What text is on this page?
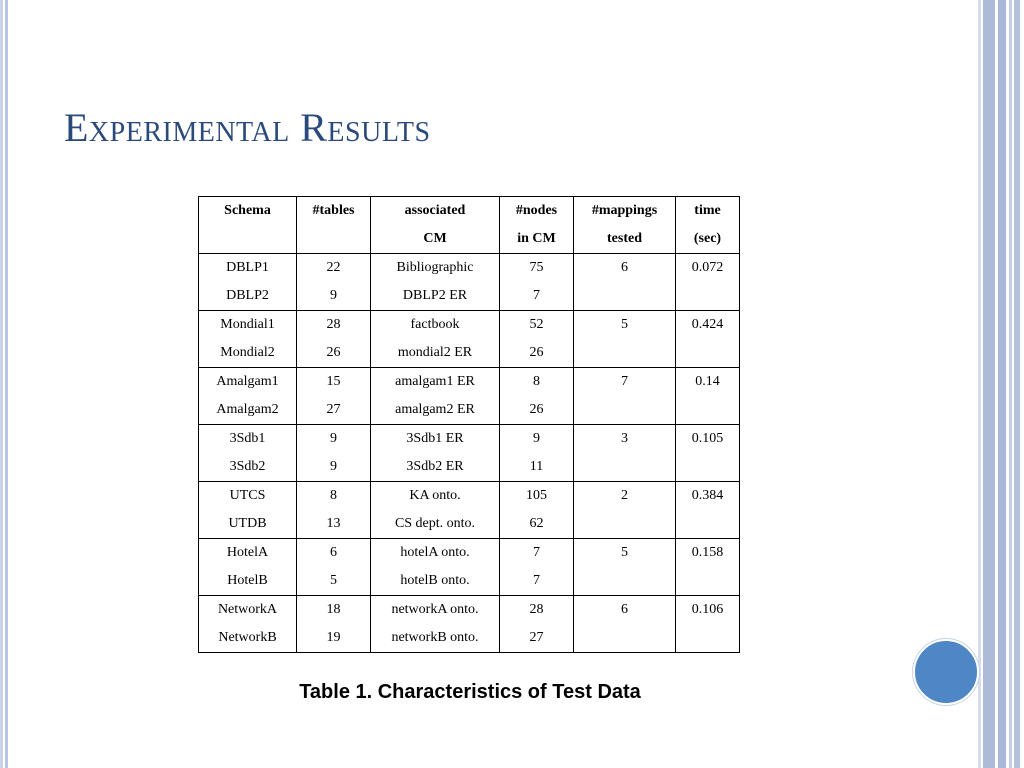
Experimental Results
Schema	#tables	associated	#nodes	#mappings	time
		CM	in CM	tested	(sec)
DBLP1	22	Bibliographic	75	6	0.072
DBLP2	9	DBLP2 ER	7		
Mondial1	28	factbook	52	5	0.424
Mondial2	26	mondial2 ER	26		
Amalgam1	15	amalgam1 ER	8	7	0.14
Amalgam2	27	amalgam2 ER	26		
3Sdb1	9	3Sdb1 ER	9	3	0.105
3Sdb2	9	3Sdb2 ER	11		
UTCS	8	KA onto.	105	2	0.384
UTDB	13	CS dept. onto.	62		
HotelA	6	hotelA onto.	7	5	0.158
HotelB	5	hotelB onto.	7		
NetworkA	18	networkA onto.	28	6	0.106
NetworkB	19	networkB onto.	27		
Table 1. Characteristics of Test Data
